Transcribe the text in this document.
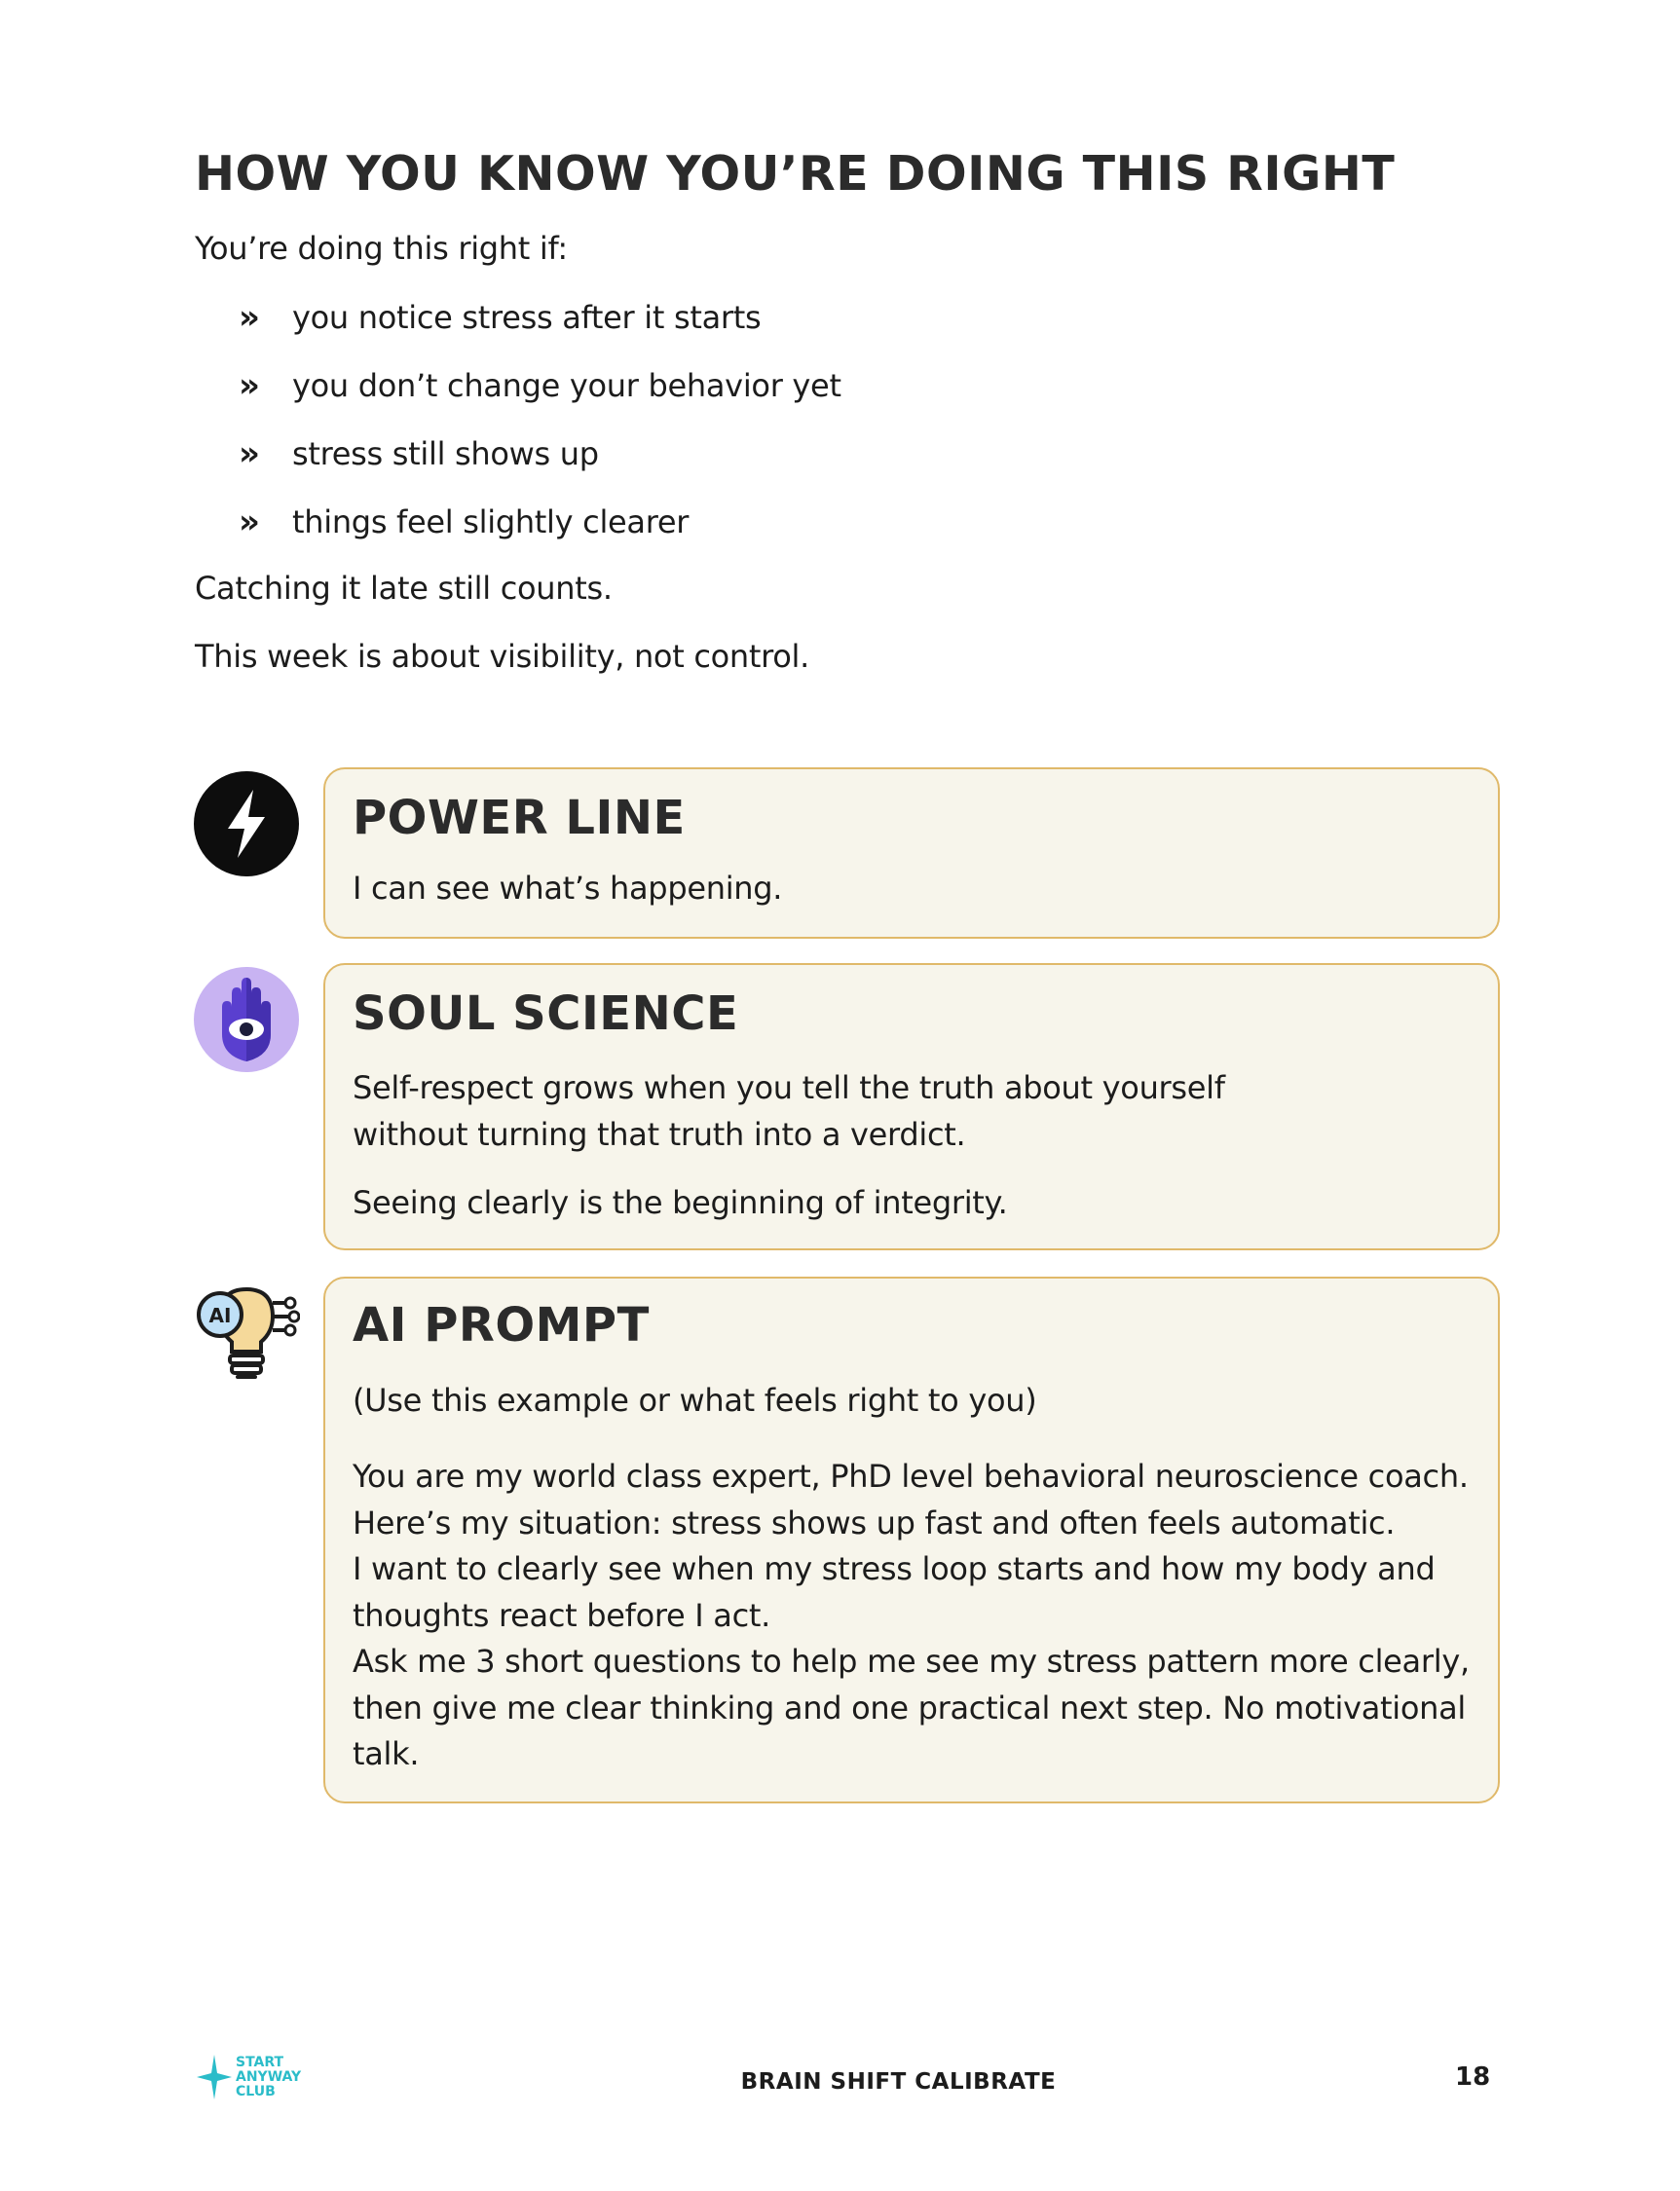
HOW YOU KNOW YOU’RE DOING THIS RIGHT
You’re doing this right if:
»	you notice stress after it starts
»	you don’t change your behavior yet
»	stress still shows up
»	things feel slightly clearer
Catching it late still counts.
This week is about visibility, not control.
POWER LINE
I can see what’s happening.
SOUL SCIENCE
Self-respect grows when you tell the truth about yourself
without turning that truth into a verdict.
Seeing clearly is the beginning of integrity.
AI	AI PROMPT
(Use this example or what feels right to you)
You are my world class expert, PhD level behavioral neuroscience coach.
Here’s my situation: stress shows up fast and often feels automatic.
I want to clearly see when my stress loop starts and how my body and
thoughts react before I act.
Ask me 3 short questions to help me see my stress pattern more clearly,
then give me clear thinking and one practical next step. No motivational
talk.
START
ANYWAY
CLUB	BRAIN SHIFT CALIBRATE	18
